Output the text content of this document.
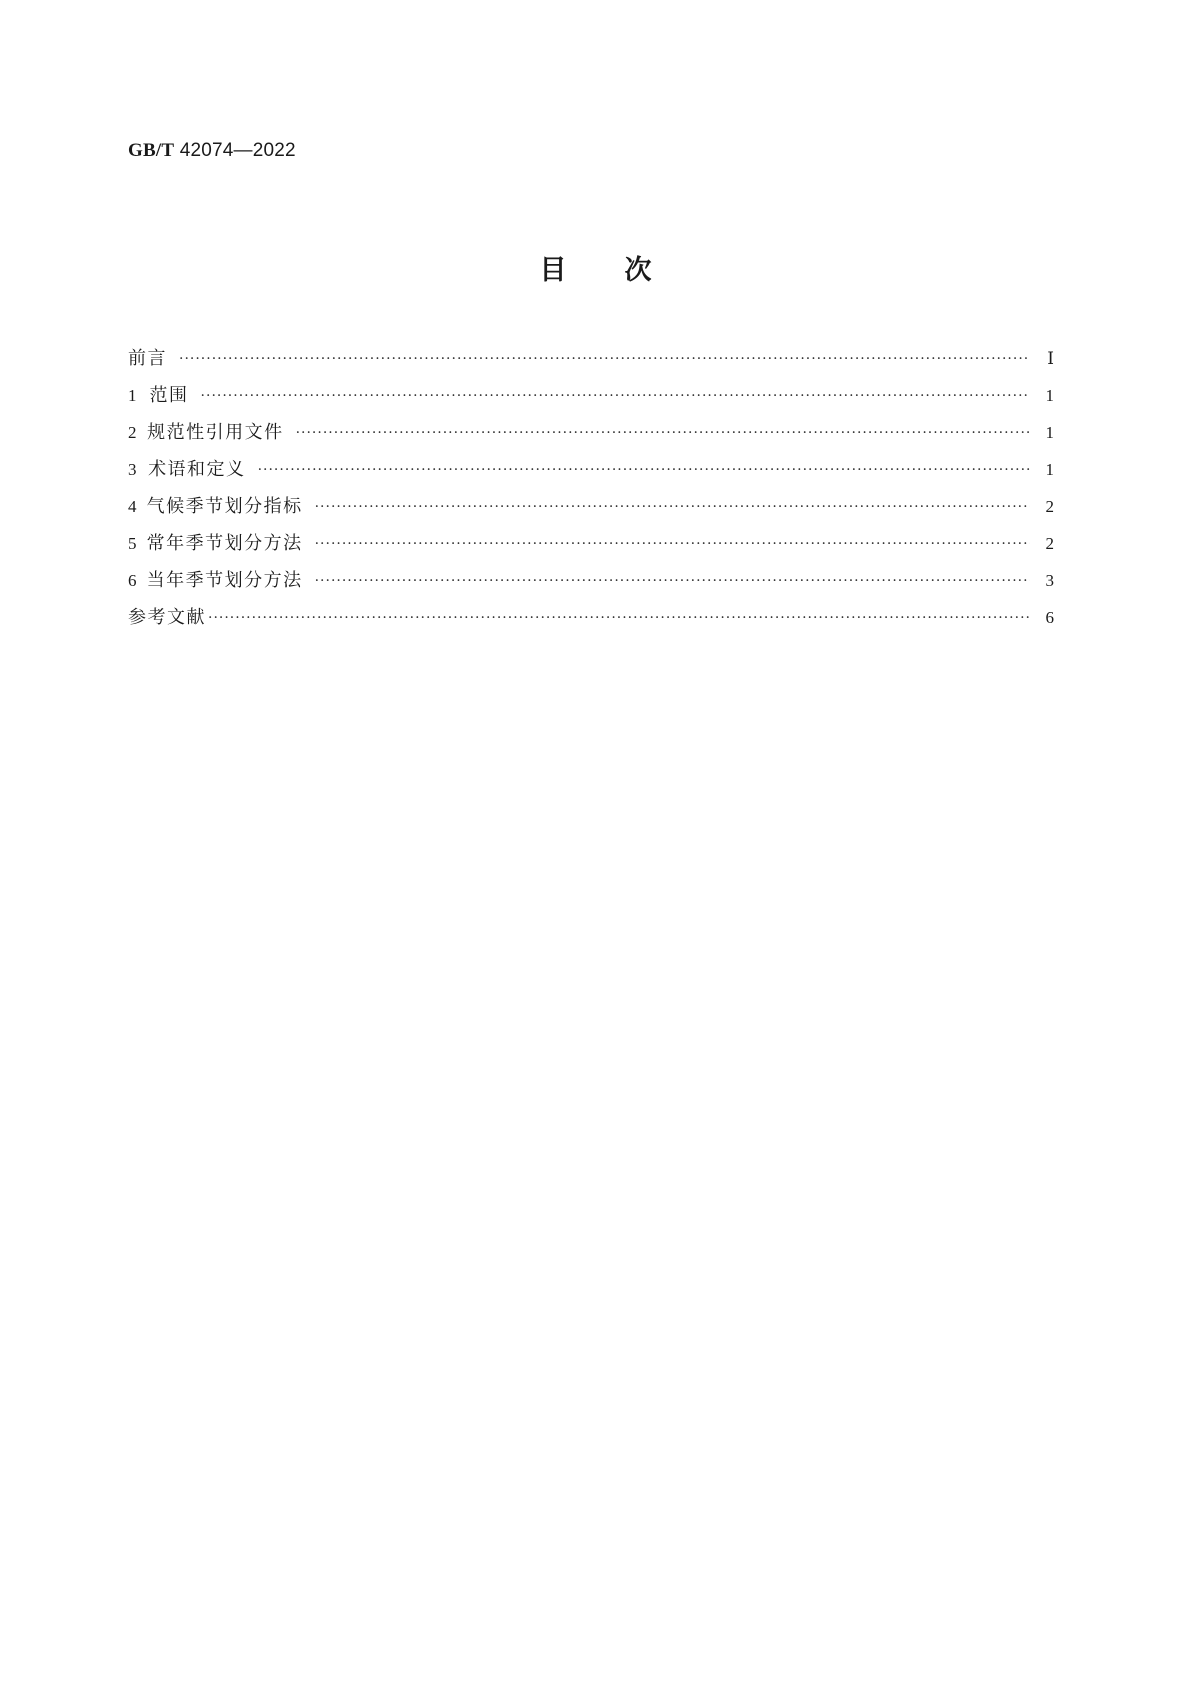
GB/T 42074—2022
目次
前言 ·····	Ⅰ
1 范围 ·····	1
2 规范性引用文件 ·····	1
3 术语和定义 ·····	1
4 气候季节划分指标 ·····	2
5 常年季节划分方法 ·····	2
6 当年季节划分方法 ·····	3
参考文献 ·····	6
